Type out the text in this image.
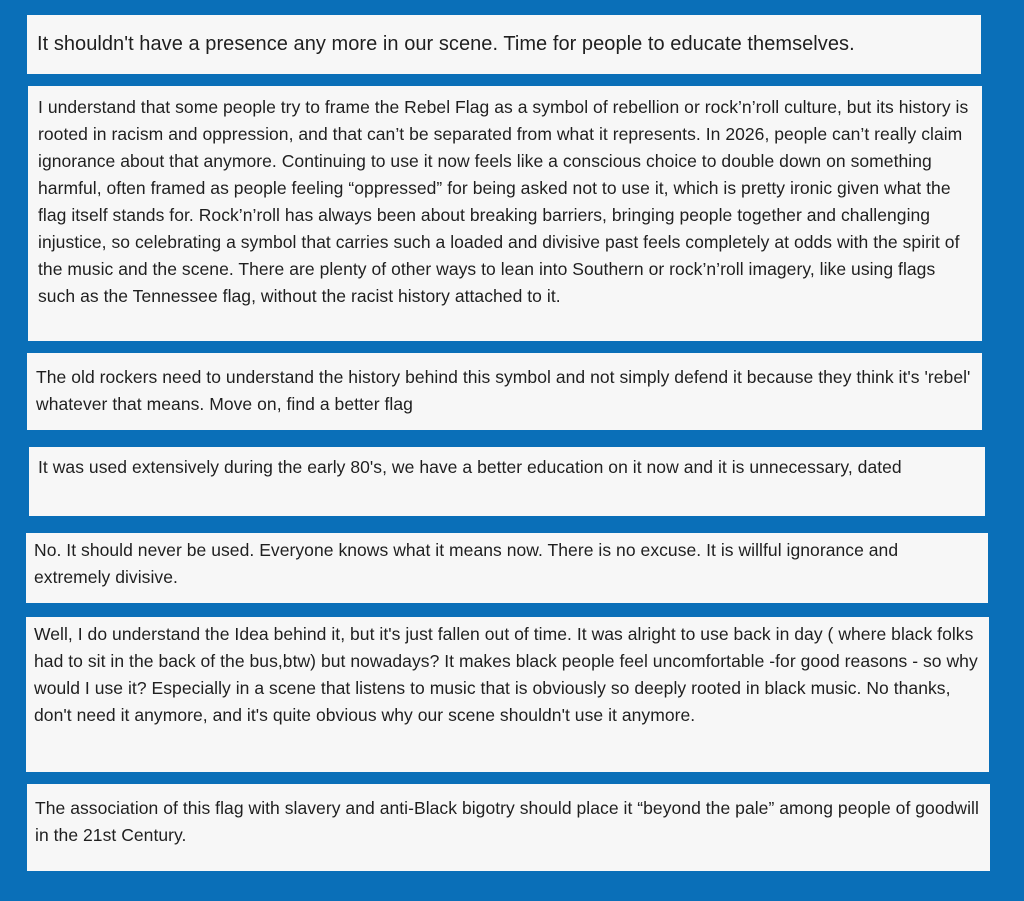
It shouldn't have a presence any more in our scene. Time for people to educate themselves.

I understand that some people try to frame the Rebel Flag as a symbol of rebellion or rock’n’roll culture, but its history is rooted in racism and oppression, and that can’t be separated from what it represents. In 2026, people can’t really claim ignorance about that anymore. Continuing to use it now feels like a conscious choice to double down on something harmful, often framed as people feeling “oppressed” for being asked not to use it, which is pretty ironic given what the flag itself stands for. Rock’n’roll has always been about breaking barriers, bringing people together and challenging injustice, so celebrating a symbol that carries such a loaded and divisive past feels completely at odds with the spirit of the music and the scene. There are plenty of other ways to lean into Southern or rock’n’roll imagery, like using flags such as the Tennessee flag, without the racist history attached to it.

The old rockers need to understand the history behind this symbol and not simply defend it because they think it's 'rebel' whatever that means. Move on, find a better flag

It was used extensively during the early 80's, we have a better education on it now and it is unnecessary, dated

No. It should never be used. Everyone knows what it means now. There is no excuse. It is willful ignorance and extremely divisive.

Well, I do understand the Idea behind it, but it's just fallen out of time. It was alright to use back in day ( where black folks had to sit in the back of the bus,btw) but nowadays? It makes black people feel uncomfortable -for good reasons - so why would I use it? Especially in a scene that listens to music that is obviously so deeply rooted in black music. No thanks, don't need it anymore, and it's quite obvious why our scene shouldn't use it anymore.

The association of this flag with slavery and anti-Black bigotry should place it “beyond the pale” among people of goodwill in the 21st Century.
